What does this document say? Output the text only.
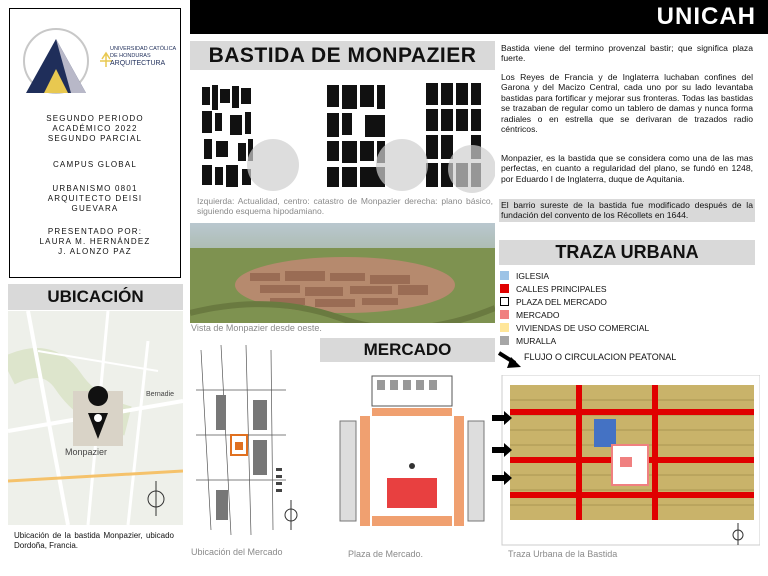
UNICAH
UNIVERSIDAD CATÓLICA
DE HONDURAS
ARQUITECTURA
SEGUNDO PERIODO
ACADÉMICO 2022
SEGUNDO PARCIAL
CAMPUS GLOBAL
URBANISMO 0801
ARQUITECTO DEISI
GUEVARA
PRESENTADO POR:
LAURA M. HERNÁNDEZ
J. ALONZO PAZ
UBICACIÓN
Monpazier
Bernadie
Ubicación de la bastida Monpazier, ubicado Dordoña, Francia.
BASTIDA DE MONPAZIER
Izquierda: Actualidad, centro: catastro de Monpazier derecha: plano básico, siguiendo esquema hipodamiano.
Vista de Monpazier desde oeste.
Bastida viene del termino provenzal bastir; que significa plaza fuerte.
Los Reyes de Francia y de Inglaterra luchaban confines del Garona y del Macizo Central, cada uno por su lado levantaba bastidas para fortificar y mejorar sus fronteras. Todas las bastidas se trazaban de regular como un tablero de damas y nunca forma radiales o en estrella que se derivaran de trazados radio céntricos.
Monpazier, es la bastida que se considera como una de las mas perfectas, en cuanto a regularidad del plano, se fundó en 1248, por Eduardo I de Inglaterra, duque de Aquitania.
El barrio sureste de la bastida fue modificado después de la fundación del convento de los Récollets en 1644.
TRAZA URBANA
IGLESIA
CALLES PRINCIPALES
PLAZA DEL MERCADO
MERCADO
VIVIENDAS DE USO COMERCIAL
MURALLA
FLUJO O CIRCULACION PEATONAL
Traza Urbana de la Bastida
MERCADO
Ubicación del Mercado	Plaza de Mercado.
